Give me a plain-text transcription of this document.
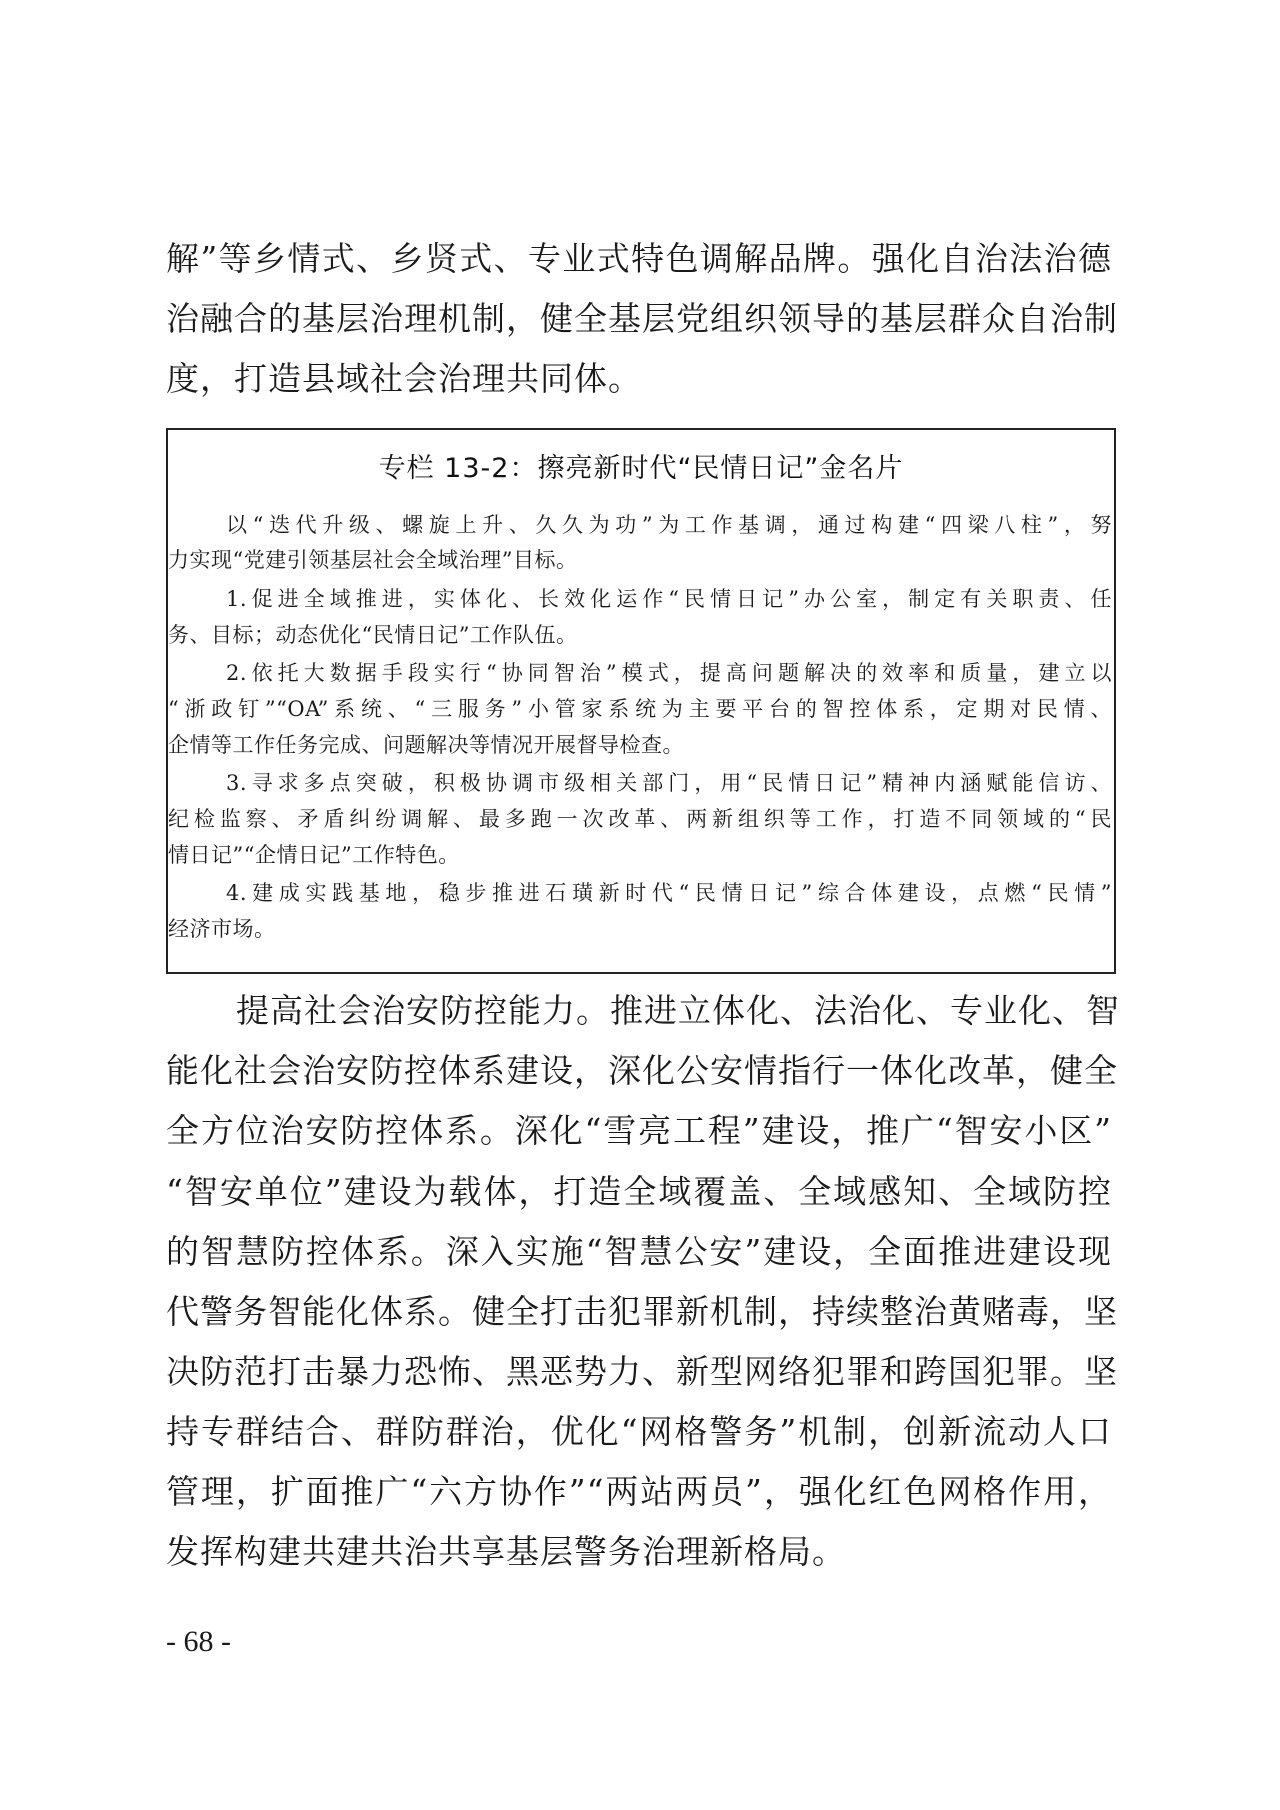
解”等乡情式、乡贤式、专业式特色调解品牌。强化自治法治德

治融合的基层治理机制，健全基层党组织领导的基层群众自治制

度，打造县域社会治理共同体。

专栏 13-2：擦亮新时代“民情日记”金名片
以“迭代升级、螺旋上升、久久为功”为工作基调，通过构建“四梁八柱”，努
力实现“党建引领基层社会全域治理”目标。
1.促进全域推进，实体化、长效化运作“民情日记”办公室，制定有关职责、任
务、目标；动态优化“民情日记”工作队伍。
2.依托大数据手段实行“协同智治”模式，提高问题解决的效率和质量，建立以
“浙政钉”“OA”系统、“三服务”小管家系统为主要平台的智控体系，定期对民情、
企情等工作任务完成、问题解决等情况开展督导检查。
3.寻求多点突破，积极协调市级相关部门，用“民情日记”精神内涵赋能信访、
纪检监察、矛盾纠纷调解、最多跑一次改革、两新组织等工作，打造不同领域的“民
情日记”“企情日记”工作特色。
4.建成实践基地，稳步推进石璜新时代“民情日记”综合体建设，点燃“民情”
经济市场。

提高社会治安防控能力。推进立体化、法治化、专业化、智

能化社会治安防控体系建设，深化公安情指行一体化改革，健全

全方位治安防控体系。深化“雪亮工程”建设，推广“智安小区”

“智安单位”建设为载体，打造全域覆盖、全域感知、全域防控

的智慧防控体系。深入实施“智慧公安”建设，全面推进建设现

代警务智能化体系。健全打击犯罪新机制，持续整治黄赌毒，坚

决防范打击暴力恐怖、黑恶势力、新型网络犯罪和跨国犯罪。坚

持专群结合、群防群治，优化“网格警务”机制，创新流动人口

管理，扩面推广“六方协作”“两站两员”，强化红色网格作用，

发挥构建共建共治共享基层警务治理新格局。

- 68 -
